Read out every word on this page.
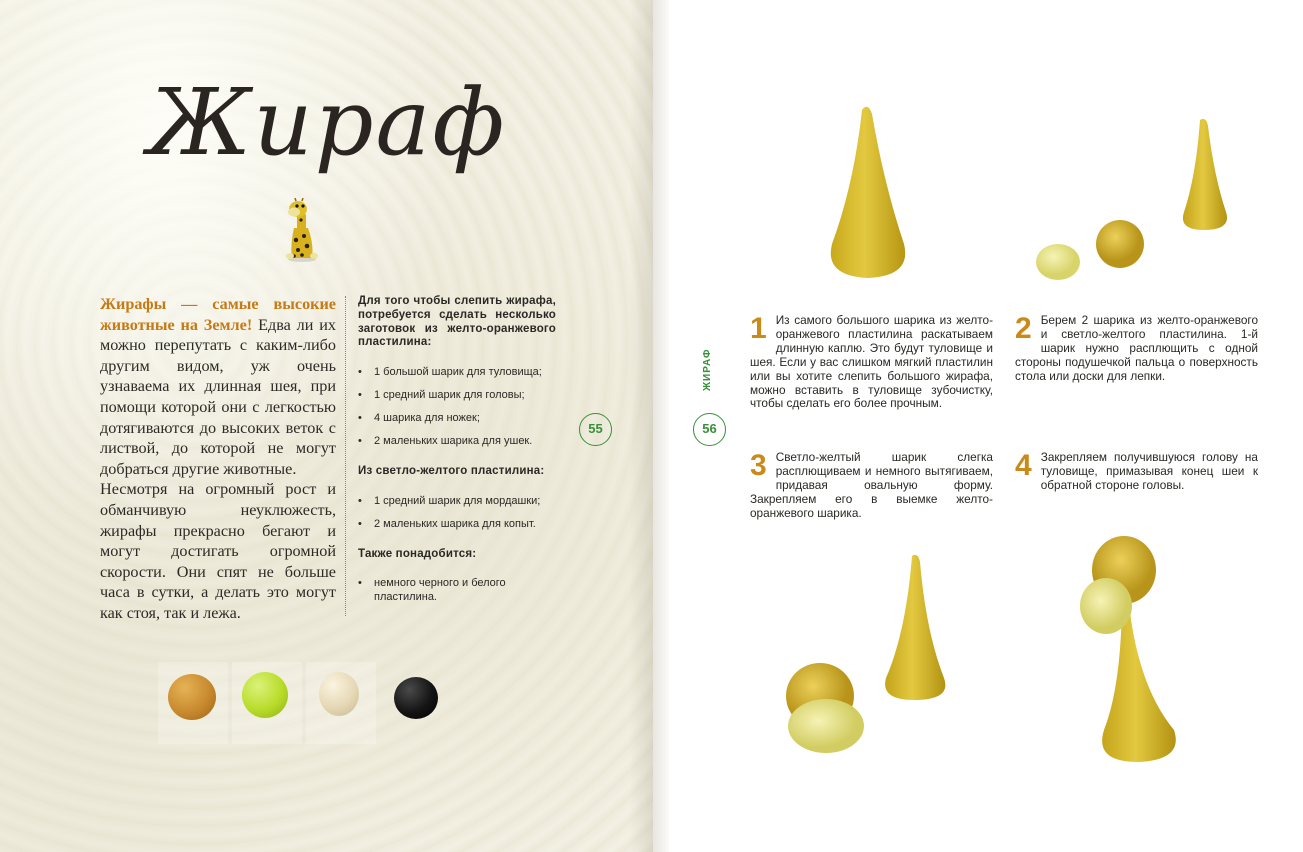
Жираф

Жирафы — самые высокие животные на Земле! Едва ли их можно перепутать с каким-либо другим видом, уж очень узнаваема их длинная шея, при помощи которой они с легкостью дотягиваются до высоких веток с листвой, до которой не могут добраться другие животные.

Несмотря на огромный рост и обманчивую неуклюжесть, жирафы прекрасно бегают и могут достигать огромной скорости. Они спят не больше часа в сутки, а делать это могут как стоя, так и лежа.

Для того чтобы слепить жирафа, потребуется сделать несколько заготовок из желто-оранжевого пластилина:
• 1 большой шарик для туловища;
• 1 средний шарик для головы;
• 4 шарика для ножек;
• 2 маленьких шарика для ушек.
Из светло-желтого пластилина:
• 1 средний шарик для мордашки;
• 2 маленьких шарика для копыт.
Также понадобится:
• немного черного и белого пластилина.
55
ЖИРАФ
56
1 Из самого большого шарика из желто-оранжевого пластилина раскатываем длинную каплю. Это будут туловище и шея. Если у вас слишком мягкий пластилин или вы хотите слепить большого жирафа, можно вставить в туловище зубочистку, чтобы сделать его более прочным.
2 Берем 2 шарика из желто-оранжевого и светло-желтого пластилина. 1-й шарик нужно расплющить с одной стороны подушечкой пальца о поверхность стола или доски для лепки.
3 Светло-желтый шарик слегка расплющиваем и немного вытягиваем, придавая овальную форму. Закрепляем его в выемке желто-оранжевого шарика.
4 Закрепляем получившуюся голову на туловище, примазывая конец шеи к обратной стороне головы.
